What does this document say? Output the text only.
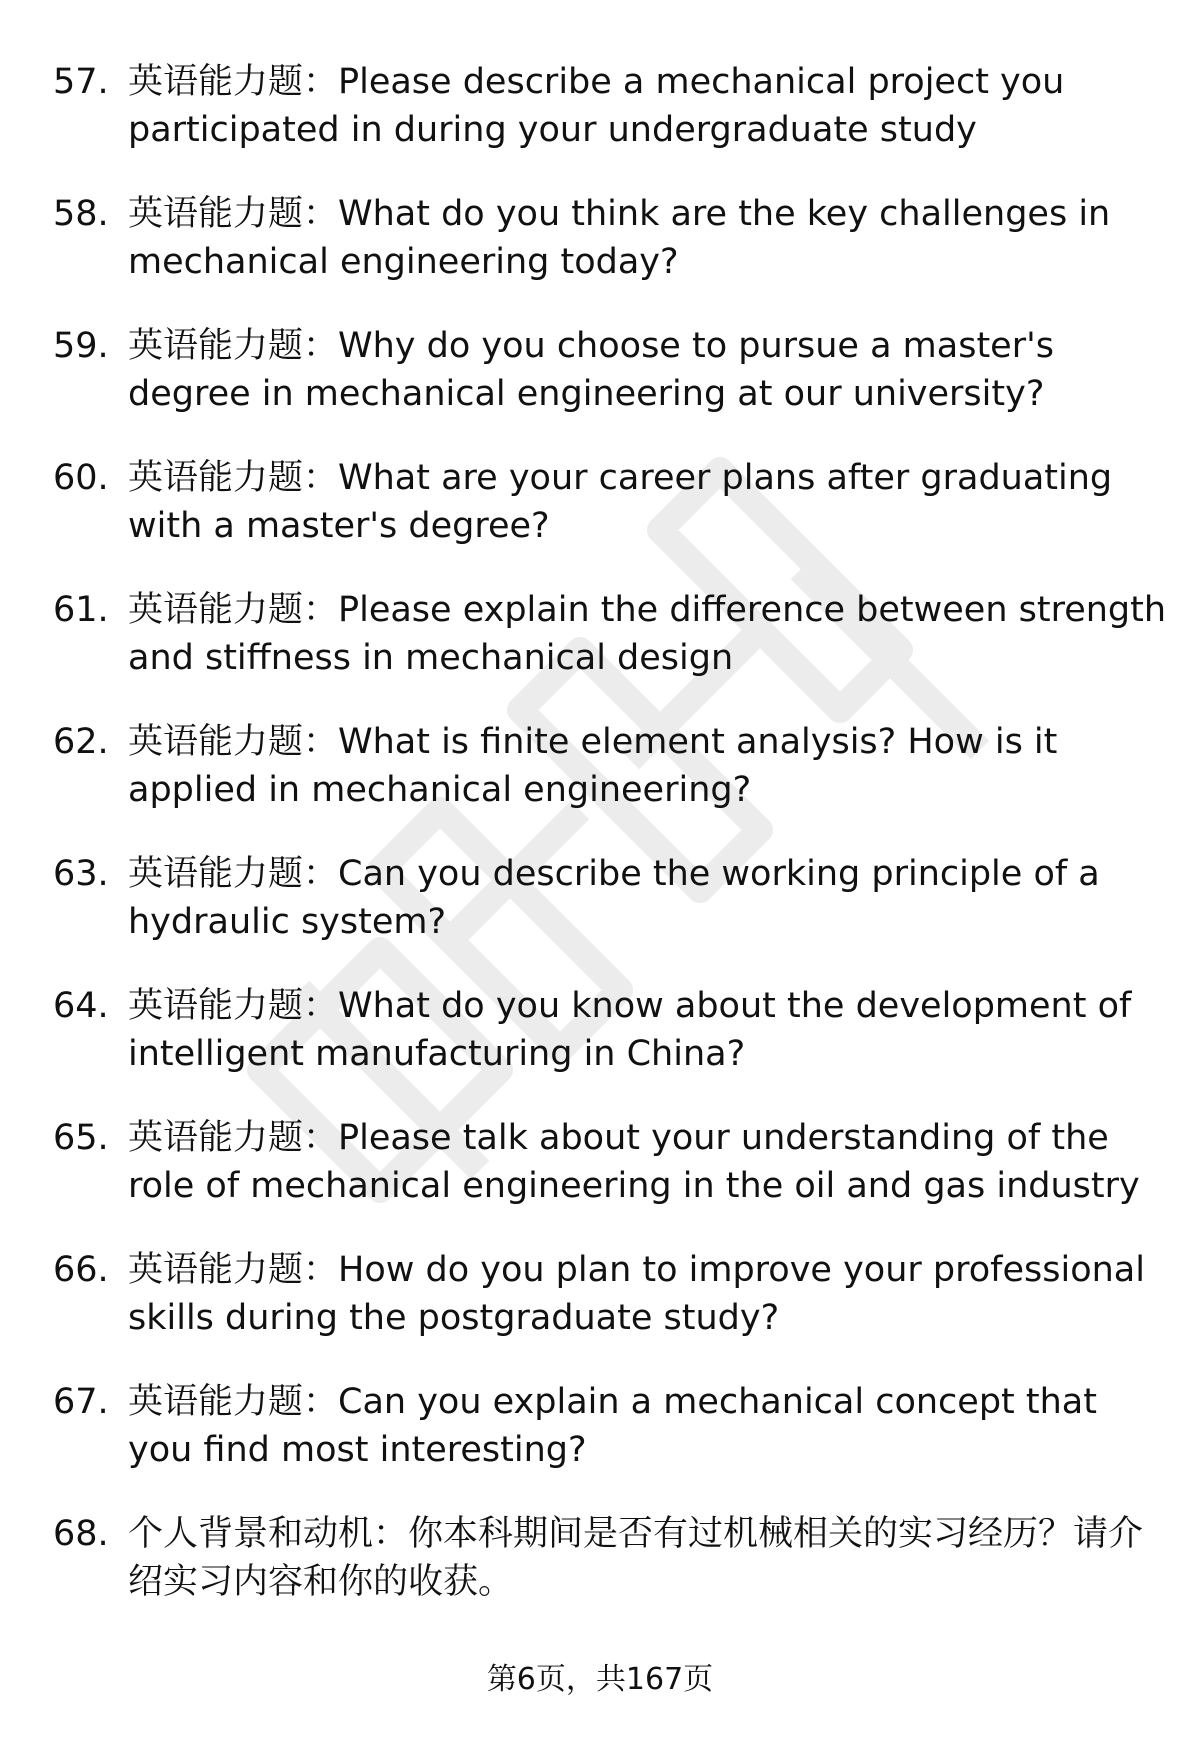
57. 英语能力题：Please describe a mechanical project you participated in during your undergraduate study
58. 英语能力题：What do you think are the key challenges in mechanical engineering today?
59. 英语能力题：Why do you choose to pursue a master's degree in mechanical engineering at our university?
60. 英语能力题：What are your career plans after graduating with a master's degree?
61. 英语能力题：Please explain the difference between strength and stiffness in mechanical design
62. 英语能力题：What is finite element analysis? How is it applied in mechanical engineering?
63. 英语能力题：Can you describe the working principle of a hydraulic system?
64. 英语能力题：What do you know about the development of intelligent manufacturing in China?
65. 英语能力题：Please talk about your understanding of the role of mechanical engineering in the oil and gas industry
66. 英语能力题：How do you plan to improve your professional skills during the postgraduate study?
67. 英语能力题：Can you explain a mechanical concept that you find most interesting?
68. 个人背景和动机：你本科期间是否有过机械相关的实习经历？请介绍实习内容和你的收获。
第6页，共167页
